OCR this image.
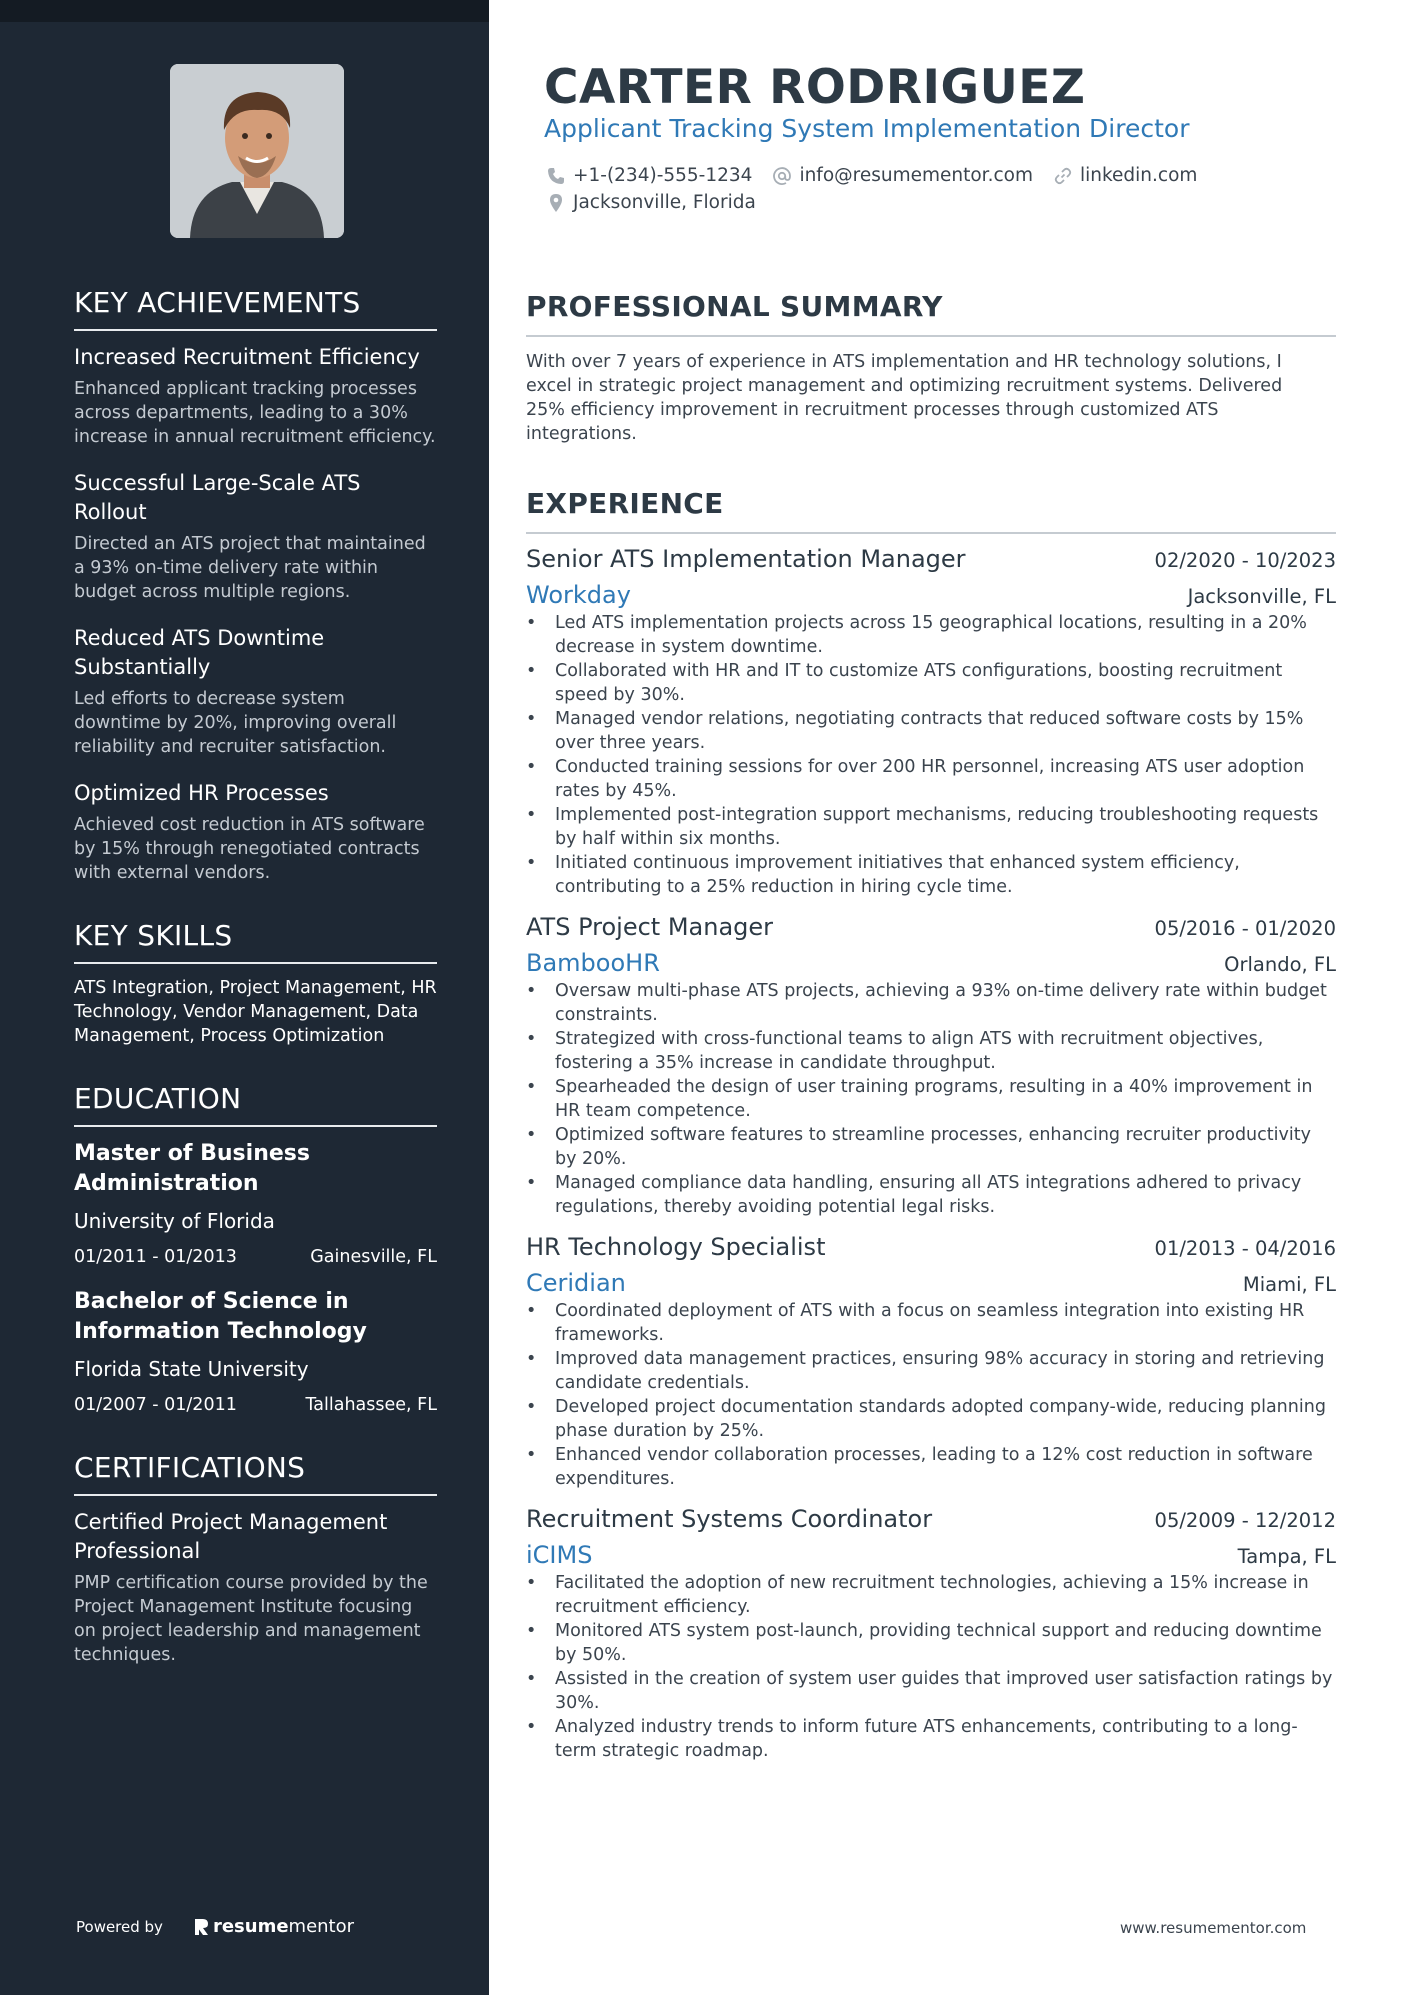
KEY ACHIEVEMENTS
Increased Recruitment Efficiency
Enhanced applicant tracking processes across departments, leading to a 30% increase in annual recruitment efficiency.
Successful Large-Scale ATS Rollout
Directed an ATS project that maintained a 93% on-time delivery rate within budget across multiple regions.
Reduced ATS Downtime Substantially
Led efforts to decrease system downtime by 20%, improving overall reliability and recruiter satisfaction.
Optimized HR Processes
Achieved cost reduction in ATS software by 15% through renegotiated contracts with external vendors.
KEY SKILLS
ATS Integration, Project Management, HR Technology, Vendor Management, Data Management, Process Optimization
EDUCATION
Master of Business Administration
University of Florida
01/2011 - 01/2013	Gainesville, FL
Bachelor of Science in Information Technology
Florida State University
01/2007 - 01/2011	Tallahassee, FL
CERTIFICATIONS
Certified Project Management Professional
PMP certification course provided by the Project Management Institute focusing on project leadership and management techniques.
Powered by	resume mentor
CARTER RODRIGUEZ
Applicant Tracking System Implementation Director
+1-(234)-555-1234	info@resumementor.com	linkedin.com
Jacksonville, Florida
PROFESSIONAL SUMMARY

With over 7 years of experience in ATS implementation and HR technology solutions, I excel in strategic project management and optimizing recruitment systems. Delivered 25% efficiency improvement in recruitment processes through customized ATS integrations.

EXPERIENCE
Senior ATS Implementation Manager	02/2020 - 10/2023
Workday	Jacksonville, FL
• Led ATS implementation projects across 15 geographical locations, resulting in a 20% decrease in system downtime.
• Collaborated with HR and IT to customize ATS configurations, boosting recruitment speed by 30%.
• Managed vendor relations, negotiating contracts that reduced software costs by 15% over three years.
• Conducted training sessions for over 200 HR personnel, increasing ATS user adoption rates by 45%.
• Implemented post-integration support mechanisms, reducing troubleshooting requests by half within six months.
• Initiated continuous improvement initiatives that enhanced system efficiency, contributing to a 25% reduction in hiring cycle time.
ATS Project Manager	05/2016 - 01/2020
BambooHR	Orlando, FL
• Oversaw multi-phase ATS projects, achieving a 93% on-time delivery rate within budget constraints.
• Strategized with cross-functional teams to align ATS with recruitment objectives, fostering a 35% increase in candidate throughput.
• Spearheaded the design of user training programs, resulting in a 40% improvement in HR team competence.
• Optimized software features to streamline processes, enhancing recruiter productivity by 20%.
• Managed compliance data handling, ensuring all ATS integrations adhered to privacy regulations, thereby avoiding potential legal risks.
HR Technology Specialist	01/2013 - 04/2016
Ceridian	Miami, FL
• Coordinated deployment of ATS with a focus on seamless integration into existing HR frameworks.
• Improved data management practices, ensuring 98% accuracy in storing and retrieving candidate credentials.
• Developed project documentation standards adopted company-wide, reducing planning phase duration by 25%.
• Enhanced vendor collaboration processes, leading to a 12% cost reduction in software expenditures.
Recruitment Systems Coordinator	05/2009 - 12/2012
iCIMS	Tampa, FL
• Facilitated the adoption of new recruitment technologies, achieving a 15% increase in recruitment efficiency.
• Monitored ATS system post-launch, providing technical support and reducing downtime by 50%.
• Assisted in the creation of system user guides that improved user satisfaction ratings by 30%.
• Analyzed industry trends to inform future ATS enhancements, contributing to a long-term strategic roadmap.
www.resumementor.com
